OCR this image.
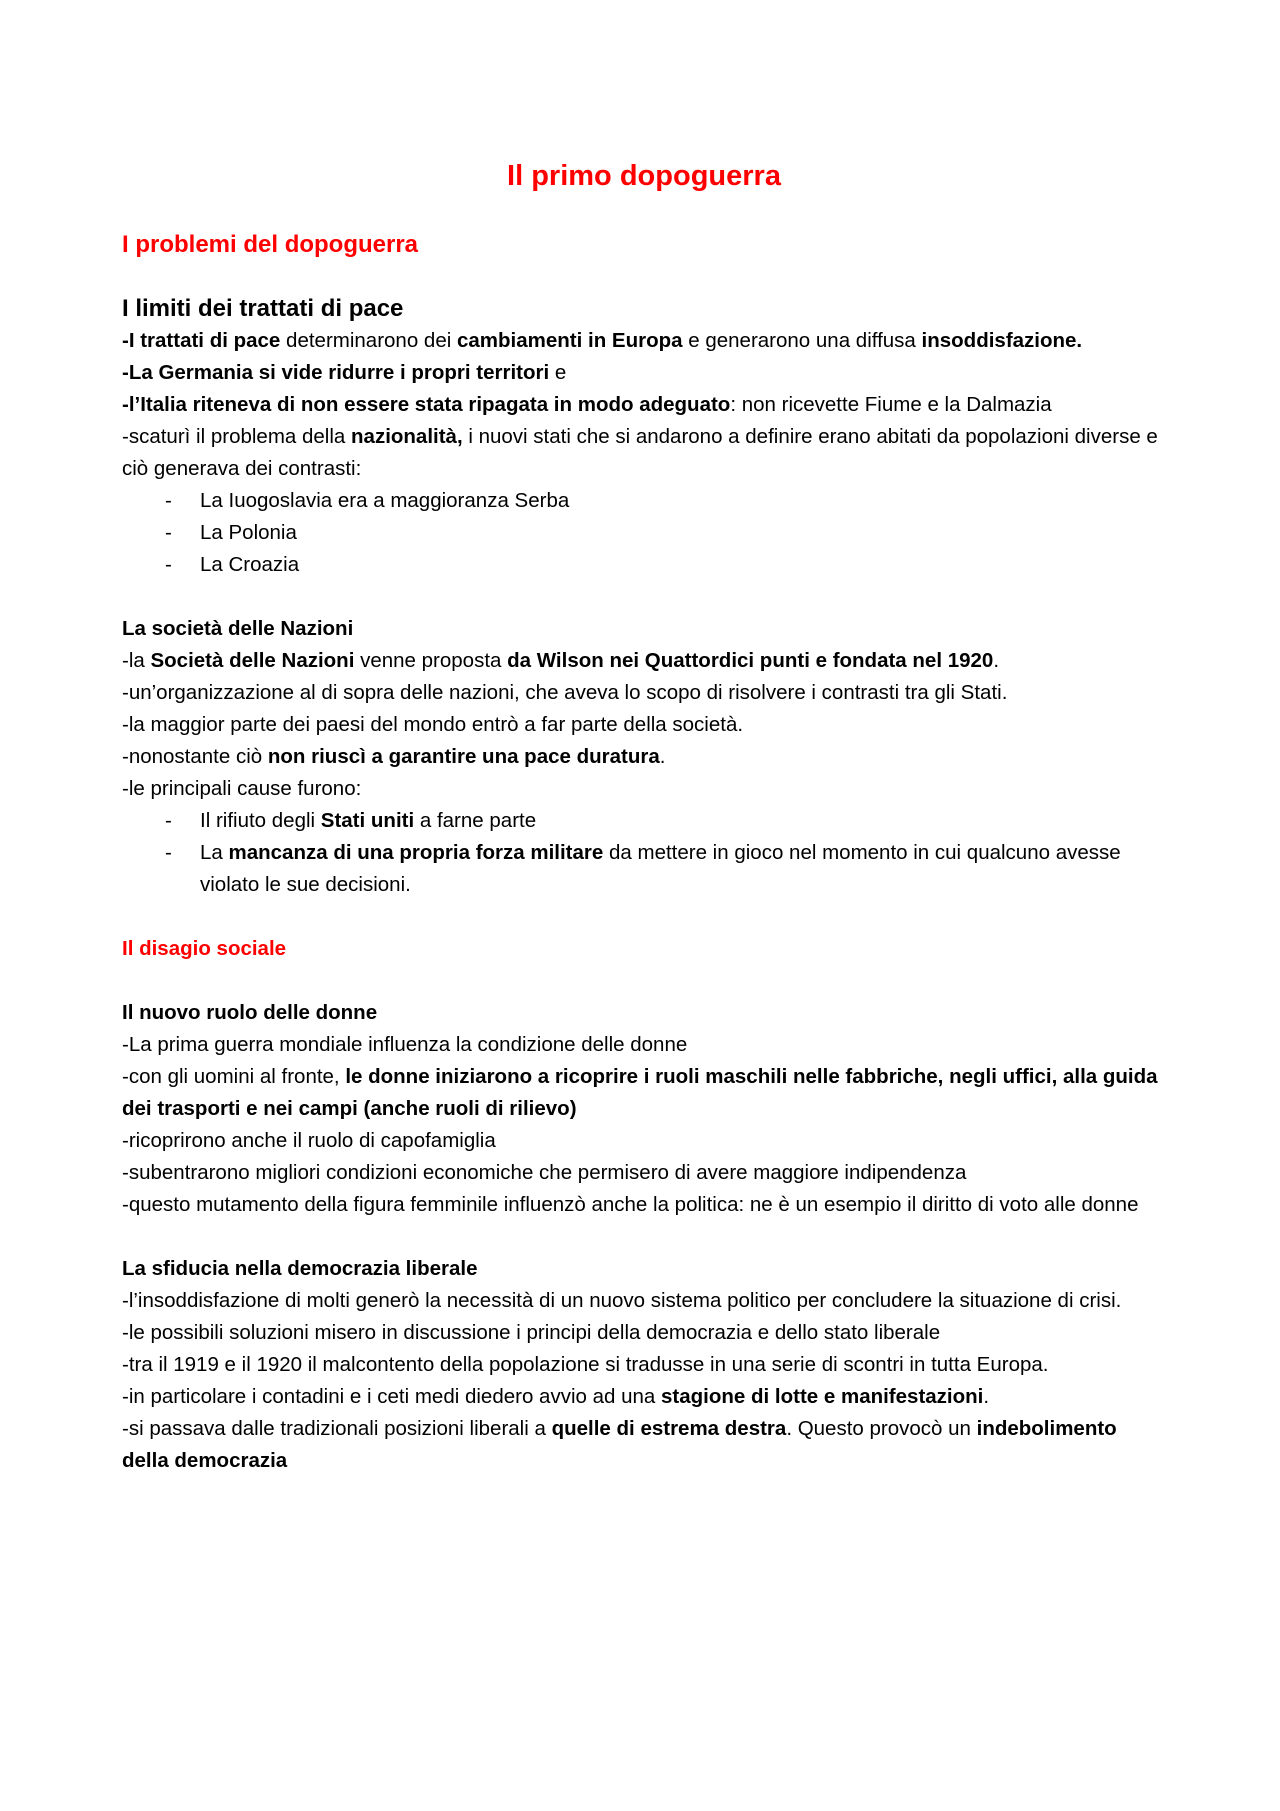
Il primo dopoguerra
I problemi del dopoguerra
I limiti dei trattati di pace

-I trattati di pace determinarono dei cambiamenti in Europa e generarono una diffusa insoddisfazione.

-La Germania si vide ridurre i propri territori e

-l’Italia riteneva di non essere stata ripagata in modo adeguato: non ricevette Fiume e la Dalmazia

-scaturì il problema della nazionalità, i nuovi stati che si andarono a definire erano abitati da popolazioni diverse e ciò generava dei contrasti:

- La Iuogoslavia era a maggioranza Serba
- La Polonia
- La Croazia
La società delle Nazioni

-la Società delle Nazioni venne proposta da Wilson nei Quattordici punti e fondata nel 1920.

-un’organizzazione al di sopra delle nazioni, che aveva lo scopo di risolvere i contrasti tra gli Stati.

-la maggior parte dei paesi del mondo entrò a far parte della società.

-nonostante ciò non riuscì a garantire una pace duratura.

-le principali cause furono:

- Il rifiuto degli Stati uniti a farne parte
- La mancanza di una propria forza militare da mettere in gioco nel momento in cui qualcuno avesse violato le sue decisioni.
Il disagio sociale
Il nuovo ruolo delle donne

-La prima guerra mondiale influenza la condizione delle donne

-con gli uomini al fronte, le donne iniziarono a ricoprire i ruoli maschili nelle fabbriche, negli uffici, alla guida dei trasporti e nei campi (anche ruoli di rilievo)

-ricoprirono anche il ruolo di capofamiglia

-subentrarono migliori condizioni economiche che permisero di avere maggiore indipendenza

-questo mutamento della figura femminile influenzò anche la politica: ne è un esempio il diritto di voto alle donne

La sfiducia nella democrazia liberale

-l’insoddisfazione di molti generò la necessità di un nuovo sistema politico per concludere la situazione di crisi.

-le possibili soluzioni misero in discussione i principi della democrazia e dello stato liberale

-tra il 1919 e il 1920 il malcontento della popolazione si tradusse in una serie di scontri in tutta Europa.

-in particolare i contadini e i ceti medi diedero avvio ad una stagione di lotte e manifestazioni.

-si passava dalle tradizionali posizioni liberali a quelle di estrema destra. Questo provocò un indebolimento della democrazia
